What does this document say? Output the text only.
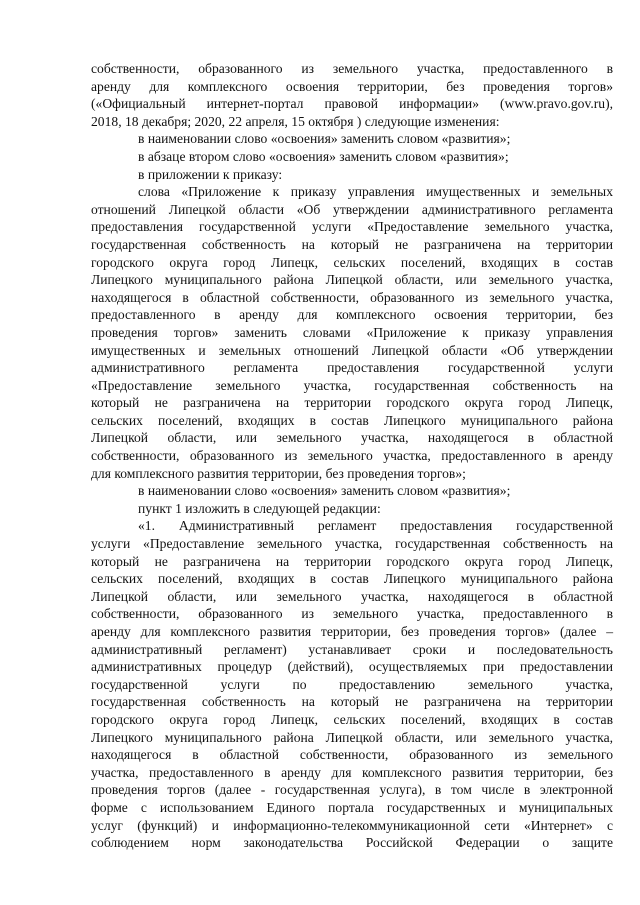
собственности, образованного из земельного участка, предоставленного в
аренду для комплексного освоения территории, без проведения торгов»
(«Официальный интернет-портал правовой информации» (www.pravo.gov.ru),
2018, 18 декабря; 2020, 22 апреля, 15 октября ) следующие изменения:
в наименовании слово «освоения» заменить словом «развития»;
в абзаце втором слово «освоения» заменить словом «развития»;
в приложении к приказу:
слова «Приложение к приказу управления имущественных и земельных
отношений Липецкой области «Об утверждении административного регламента
предоставления государственной услуги «Предоставление земельного участка,
государственная собственность на который не разграничена на территории
городского округа город Липецк, сельских поселений, входящих в состав
Липецкого муниципального района Липецкой области, или земельного участка,
находящегося в областной собственности, образованного из земельного участка,
предоставленного в аренду для комплексного освоения территории, без
проведения торгов» заменить словами «Приложение к приказу управления
имущественных и земельных отношений Липецкой области «Об утверждении
административного регламента предоставления государственной услуги
«Предоставление земельного участка, государственная собственность на
который не разграничена на территории городского округа город Липецк,
сельских поселений, входящих в состав Липецкого муниципального района
Липецкой области, или земельного участка, находящегося в областной
собственности, образованного из земельного участка, предоставленного в аренду
для комплексного развития территории, без проведения торгов»;
в наименовании слово «освоения» заменить словом «развития»;
пункт 1 изложить в следующей редакции:
«1. Административный регламент предоставления государственной
услуги «Предоставление земельного участка, государственная собственность на
который не разграничена на территории городского округа город Липецк,
сельских поселений, входящих в состав Липецкого муниципального района
Липецкой области, или земельного участка, находящегося в областной
собственности, образованного из земельного участка, предоставленного в
аренду для комплексного развития территории, без проведения торгов» (далее –
административный регламент) устанавливает сроки и последовательность
административных процедур (действий), осуществляемых при предоставлении
государственной услуги по предоставлению земельного участка,
государственная собственность на который не разграничена на территории
городского округа город Липецк, сельских поселений, входящих в состав
Липецкого муниципального района Липецкой области, или земельного участка,
находящегося в областной собственности, образованного из земельного
участка, предоставленного в аренду для комплексного развития территории, без
проведения торгов (далее - государственная услуга), в том числе в электронной
форме с использованием Единого портала государственных и муниципальных
услуг (функций) и информационно-телекоммуникационной сети «Интернет» с
соблюдением норм законодательства Российской Федерации о защите
